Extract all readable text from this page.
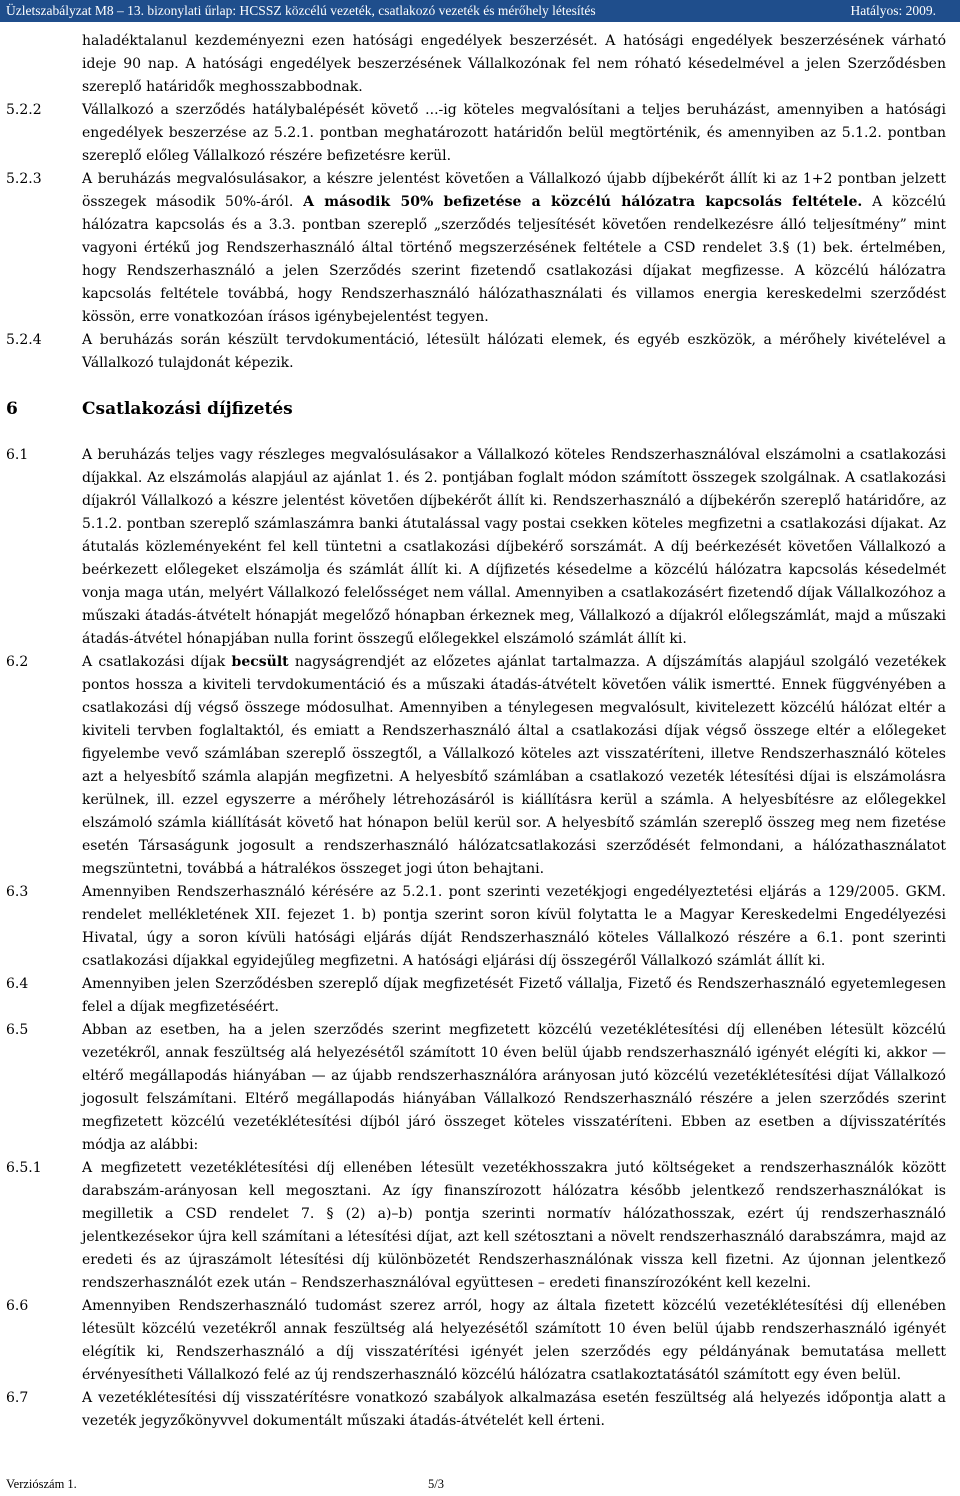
Üzletszabályzat M8 – 13. bizonylati űrlap: HCSSZ közcélú vezeték, csatlakozó vezeték és mérőhely létesítés	Hatályos: 2009.
haladéktalanul kezdeményezni ezen hatósági engedélyek beszerzését. A hatósági engedélyek beszerzésének várható ideje 90 nap. A hatósági engedélyek beszerzésének Vállalkozónak fel nem róható késedelmével a jelen Szerződésben szereplő határidők meghosszabbodnak.
5.2.2	Vállalkozó a szerződés hatálybalépését követő ...-ig köteles megvalósítani a teljes beruházást, amennyiben a hatósági engedélyek beszerzése az 5.2.1. pontban meghatározott határidőn belül megtörténik, és amennyiben az 5.1.2. pontban szereplő előleg Vállalkozó részére befizetésre kerül.
5.2.3	A beruházás megvalósulásakor, a készre jelentést követően a Vállalkozó újabb díjbekérőt állít ki az 1+2 pontban jelzett összegek második 50%-áról. A második 50% befizetése a közcélú hálózatra kapcsolás feltétele. A közcélú hálózatra kapcsolás és a 3.3. pontban szereplő „szerződés teljesítését követően rendelkezésre álló teljesítmény” mint vagyoni értékű jog Rendszerhasználó által történő megszerzésének feltétele a CSD rendelet 3.§ (1) bek. értelmében, hogy Rendszerhasználó a jelen Szerződés szerint fizetendő csatlakozási díjakat megfizesse. A közcélú hálózatra kapcsolás feltétele továbbá, hogy Rendszerhasználó hálózathasználati és villamos energia kereskedelmi szerződést kössön, erre vonatkozóan írásos igénybejelentést tegyen.
5.2.4	A beruházás során készült tervdokumentáció, létesült hálózati elemek, és egyéb eszközök, a mérőhely kivételével a Vállalkozó tulajdonát képezik.
6	Csatlakozási díjfizetés
6.1	A beruházás teljes vagy részleges megvalósulásakor a Vállalkozó köteles Rendszerhasználóval elszámolni a csatlakozási díjakkal. Az elszámolás alapjául az ajánlat 1. és 2. pontjában foglalt módon számított összegek szolgálnak. A csatlakozási díjakról Vállalkozó a készre jelentést követően díjbekérőt állít ki. Rendszerhasználó a díjbekérőn szereplő határidőre, az 5.1.2. pontban szereplő számlaszámra banki átutalással vagy postai csekken köteles megfizetni a csatlakozási díjakat. Az átutalás közleményeként fel kell tüntetni a csatlakozási díjbekérő sorszámát. A díj beérkezését követően Vállalkozó a beérkezett előlegeket elszámolja és számlát állít ki. A díjfizetés késedelme a közcélú hálózatra kapcsolás késedelmét vonja maga után, melyért Vállalkozó felelősséget nem vállal. Amennyiben a csatlakozásért fizetendő díjak Vállalkozóhoz a műszaki átadás-átvételt hónapját megelőző hónapban érkeznek meg, Vállalkozó a díjakról előlegszámlát, majd a műszaki átadás-átvétel hónapjában nulla forint összegű előlegekkel elszámoló számlát állít ki.
6.2	A csatlakozási díjak becsült nagyságrendjét az előzetes ajánlat tartalmazza. A díjszámítás alapjául szolgáló vezetékek pontos hossza a kiviteli tervdokumentáció és a műszaki átadás-átvételt követően válik ismertté. Ennek függvényében a csatlakozási díj végső összege módosulhat. Amennyiben a ténylegesen megvalósult, kivitelezett közcélú hálózat eltér a kiviteli tervben foglaltaktól, és emiatt a Rendszerhasználó által a csatlakozási díjak végső összege eltér a előlegeket figyelembe vevő számlában szereplő összegtől, a Vállalkozó köteles azt visszatéríteni, illetve Rendszerhasználó köteles azt a helyesbítő számla alapján megfizetni. A helyesbítő számlában a csatlakozó vezeték létesítési díjai is elszámolásra kerülnek, ill. ezzel egyszerre a mérőhely létrehozásáról is kiállításra kerül a számla. A helyesbítésre az előlegekkel elszámoló számla kiállítását követő hat hónapon belül kerül sor. A helyesbítő számlán szereplő összeg meg nem fizetése esetén Társaságunk jogosult a rendszerhasználó hálózatcsatlakozási szerződését felmondani, a hálózathasználatot megszüntetni, továbbá a hátralékos összeget jogi úton behajtani.
6.3	Amennyiben Rendszerhasználó kérésére az 5.2.1. pont szerinti vezetékjogi engedélyeztetési eljárás a 129/2005. GKM. rendelet mellékletének XII. fejezet 1. b) pontja szerint soron kívül folytatta le a Magyar Kereskedelmi Engedélyezési Hivatal, úgy a soron kívüli hatósági eljárás díját Rendszerhasználó köteles Vállalkozó részére a 6.1. pont szerinti csatlakozási díjakkal egyidejűleg megfizetni. A hatósági eljárási díj összegéről Vállalkozó számlát állít ki.
6.4	Amennyiben jelen Szerződésben szereplő díjak megfizetését Fizető vállalja, Fizető és Rendszerhasználó egyetemlegesen felel a díjak megfizetéséért.
6.5	Abban az esetben, ha a jelen szerződés szerint megfizetett közcélú vezetéklétesítési díj ellenében létesült közcélú vezetékről, annak feszültség alá helyezésétől számított 10 éven belül újabb rendszerhasználó igényét elégíti ki, akkor — eltérő megállapodás hiányában — az újabb rendszerhasználóra arányosan jutó közcélú vezetéklétesítési díjat Vállalkozó jogosult felszámítani. Eltérő megállapodás hiányában Vállalkozó Rendszerhasználó részére a jelen szerződés szerint megfizetett közcélú vezetéklétesítési díjból járó összeget köteles visszatéríteni. Ebben az esetben a díjvisszatérítés módja az alábbi:
6.5.1	A megfizetett vezetéklétesítési díj ellenében létesült vezetékhosszakra jutó költségeket a rendszerhasználók között darabszám-arányosan kell megosztani. Az így finanszírozott hálózatra később jelentkező rendszerhasználókat is megilletik a CSD rendelet 7. § (2) a)–b) pontja szerinti normatív hálózathosszak, ezért új rendszerhasználó jelentkezésekor újra kell számítani a létesítési díjat, azt kell szétosztani a növelt rendszerhasználó darabszámra, majd az eredeti és az újraszámolt létesítési díj különbözetét Rendszerhasználónak vissza kell fizetni. Az újonnan jelentkező rendszerhasználót ezek után – Rendszerhasználóval együttesen – eredeti finanszírozóként kell kezelni.
6.6	Amennyiben Rendszerhasználó tudomást szerez arról, hogy az általa fizetett közcélú vezetéklétesítési díj ellenében létesült közcélú vezetékről annak feszültség alá helyezésétől számított 10 éven belül újabb rendszerhasználó igényét elégítik ki, Rendszerhasználó a díj visszatérítési igényét jelen szerződés egy példányának bemutatása mellett érvényesítheti Vállalkozó felé az új rendszerhasználó közcélú hálózatra csatlakoztatásától számított egy éven belül.
6.7	A vezetéklétesítési díj visszatérítésre vonatkozó szabályok alkalmazása esetén feszültség alá helyezés időpontja alatt a vezeték jegyzőkönyvvel dokumentált műszaki átadás-átvételét kell érteni.
Verziószám 1.	5/3
